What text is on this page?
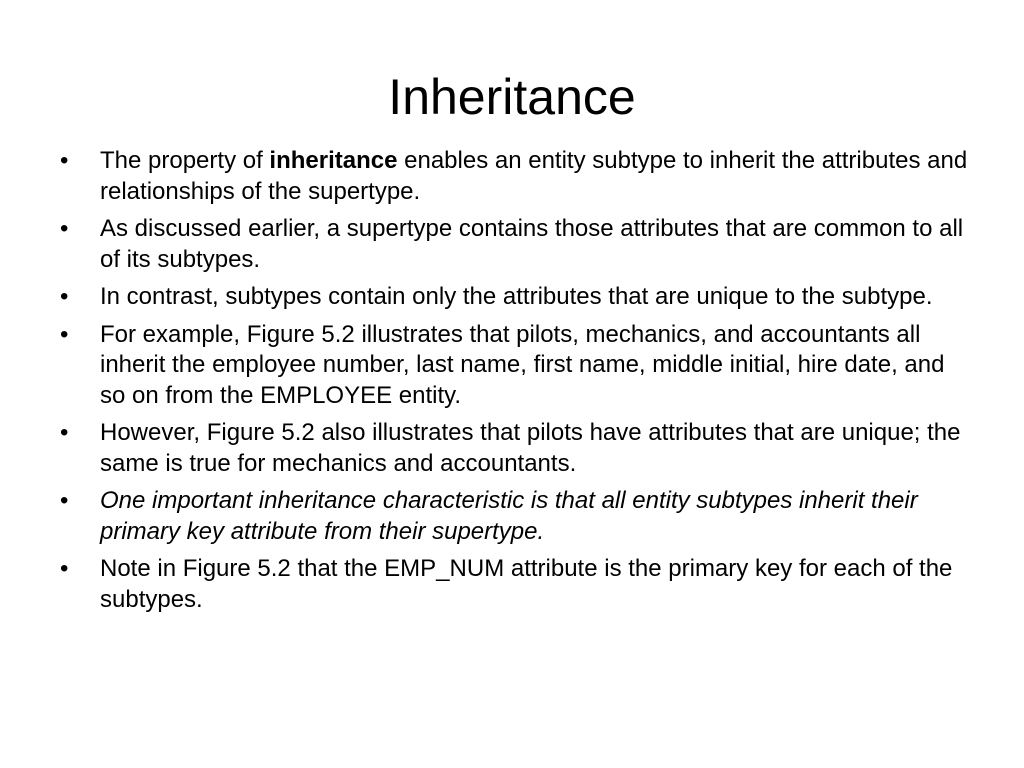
Inheritance
•	The property of inheritance enables an entity subtype to inherit the attributes and relationships of the supertype.
•	As discussed earlier, a supertype contains those attributes that are common to all of its subtypes.
•	In contrast, subtypes contain only the attributes that are unique to the subtype.
•	For example, Figure 5.2 illustrates that pilots, mechanics, and accountants all inherit the employee number, last name, first name, middle initial, hire date, and so on from the EMPLOYEE entity.
•	However, Figure 5.2 also illustrates that pilots have attributes that are unique; the same is true for mechanics and accountants.
•	One important inheritance characteristic is that all entity subtypes inherit their primary key attribute from their supertype.
•	Note in Figure 5.2 that the EMP_NUM attribute is the primary key for each of the subtypes.
